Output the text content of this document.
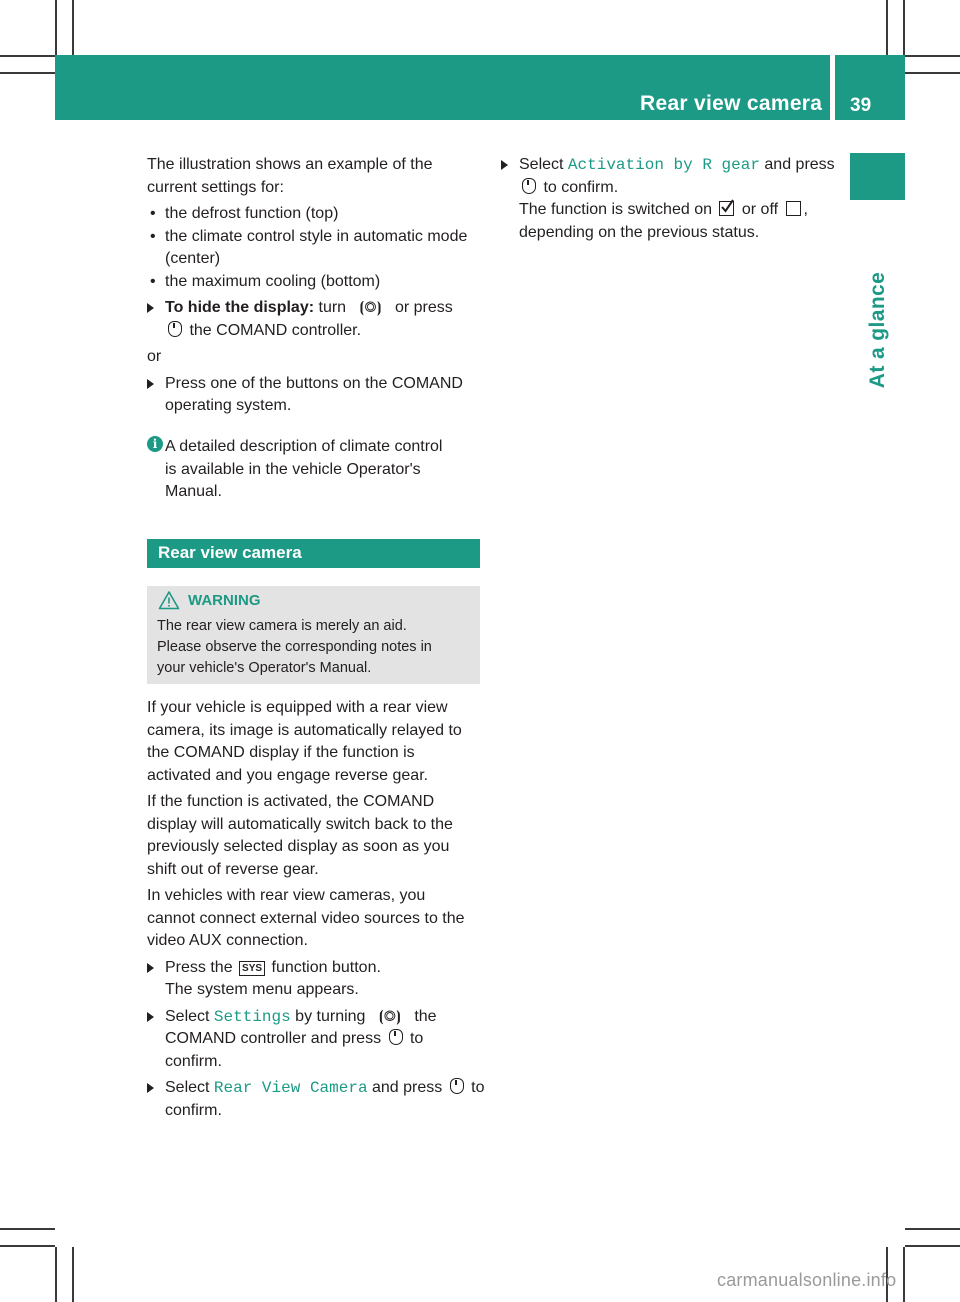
Rear view camera 39
At a glance
The illustration shows an example of the
current settings for:
• the defrost function (top)
• the climate control style in automatic mode
(center)
• the maximum cooling (bottom)
To hide the display: turn ⦗◎⦘ or press
the COMAND controller.
or
Press one of the buttons on the COMAND
operating system.
i A detailed description of climate control
is available in the vehicle Operator's
Manual.
Rear view camera
WARNING
The rear view camera is merely an aid.
Please observe the corresponding notes in
your vehicle's Operator's Manual.
If your vehicle is equipped with a rear view
camera, its image is automatically relayed to
the COMAND display if the function is
activated and you engage reverse gear.
If the function is activated, the COMAND
display will automatically switch back to the
previously selected display as soon as you
shift out of reverse gear.
In vehicles with rear view cameras, you
cannot connect external video sources to the
video AUX connection.
Press the SYS function button.
The system menu appears.
Select Settings by turning ⦗◎⦘ the
COMAND controller and press  to
confirm.
Select Rear View Camera and press  to
confirm.
Select Activation by R gear and press
to confirm.
The function is switched on
or off ,
depending on the previous status.
carmanualsonline.info
